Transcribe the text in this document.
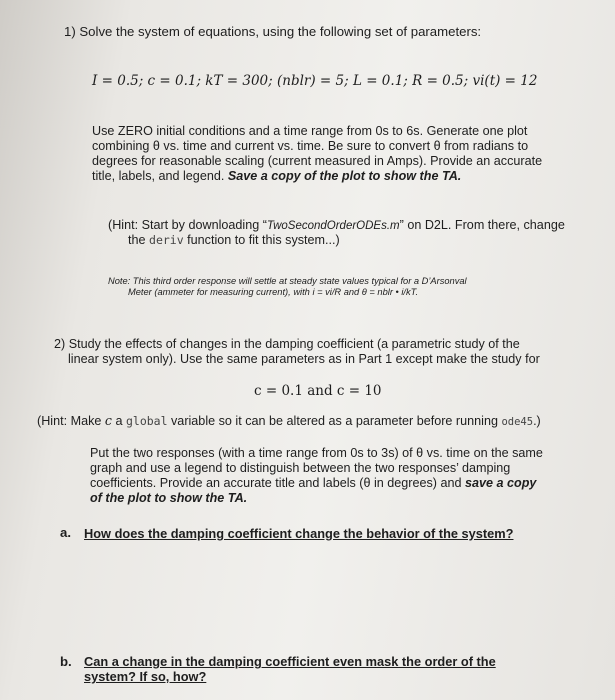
1) Solve the system of equations, using the following set of parameters:
I = 0.5; c = 0.1; kT = 300; (nblr) = 5; L = 0.1; R = 0.5; vi(t) = 12
Use ZERO initial conditions and a time range from 0s to 6s. Generate one plot
combining θ vs. time and current vs. time. Be sure to convert θ from radians to
degrees for reasonable scaling (current measured in Amps). Provide an accurate
title, labels, and legend. Save a copy of the plot to show the TA.
(Hint: Start by downloading “TwoSecondOrderODEs.m” on D2L. From there, change
the deriv function to fit this system...)
Note: This third order response will settle at steady state values typical for a D’Arsonval
Meter (ammeter for measuring current), with i = vi/R and θ = nblr • i/kT.
2) Study the effects of changes in the damping coefficient (a parametric study of the
linear system only). Use the same parameters as in Part 1 except make the study for
c = 0.1 and c = 10
(Hint: Make c a global variable so it can be altered as a parameter before running ode45.)
Put the two responses (with a time range from 0s to 3s) of θ vs. time on the same
graph and use a legend to distinguish between the two responses’ damping
coefficients. Provide an accurate title and labels (θ in degrees) and save a copy
of the plot to show the TA.
a. How does the damping coefficient change the behavior of the system?
b. Can a change in the damping coefficient even mask the order of the
system? If so, how?
